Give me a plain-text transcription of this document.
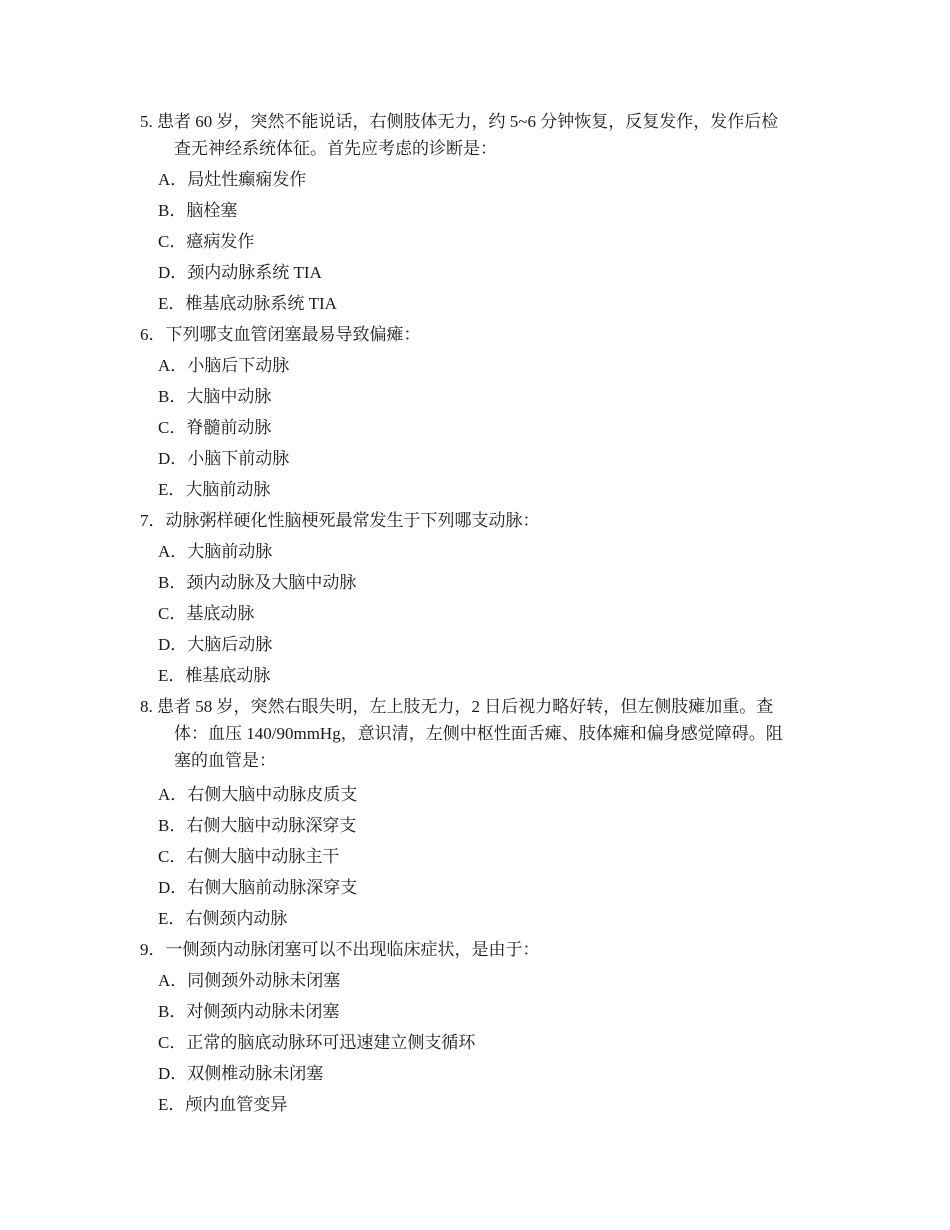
5. 患者 60 岁，突然不能说话，右侧肢体无力，约 5~6 分钟恢复，反复发作，发作后检
查无神经系统体征。首先应考虑的诊断是：
A．局灶性癫痫发作
B．脑栓塞
C．癔病发作
D．颈内动脉系统 TIA
E．椎基底动脉系统 TIA
6．下列哪支血管闭塞最易导致偏瘫：
A．小脑后下动脉
B．大脑中动脉
C．脊髓前动脉
D．小脑下前动脉
E．大脑前动脉
7．动脉粥样硬化性脑梗死最常发生于下列哪支动脉：
A．大脑前动脉
B．颈内动脉及大脑中动脉
C．基底动脉
D．大脑后动脉
E．椎基底动脉
8. 患者 58 岁，突然右眼失明，左上肢无力，2 日后视力略好转，但左侧肢瘫加重。查
体：血压 140/90mmHg，意识清，左侧中枢性面舌瘫、肢体瘫和偏身感觉障碍。阻
塞的血管是：
A．右侧大脑中动脉皮质支
B．右侧大脑中动脉深穿支
C．右侧大脑中动脉主干
D．右侧大脑前动脉深穿支
E．右侧颈内动脉
9．一侧颈内动脉闭塞可以不出现临床症状，是由于：
A．同侧颈外动脉未闭塞
B．对侧颈内动脉未闭塞
C．正常的脑底动脉环可迅速建立侧支循环
D．双侧椎动脉未闭塞
E．颅内血管变异
